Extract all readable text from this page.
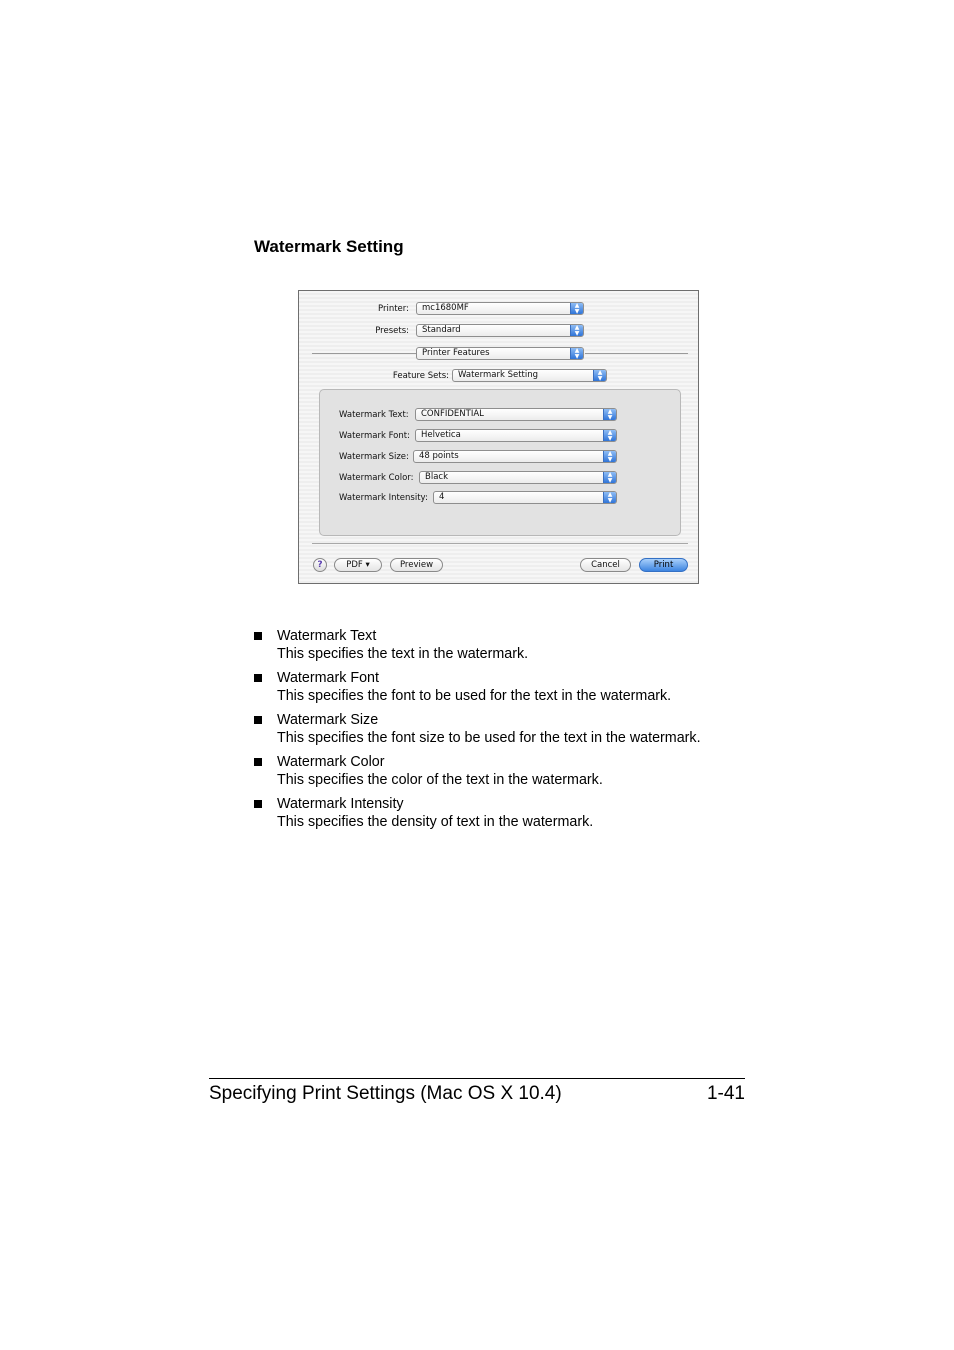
Watermark Setting
Printer:	mc1680MF	▲
▼
Presets:	Standard	▲
▼
Printer Features	▲
▼
Feature Sets:	Watermark Setting	▲
▼
Watermark Text:	CONFIDENTIAL	▲
▼
Watermark Font:	Helvetica	▲
▼
Watermark Size:	48 points	▲
▼
Watermark Color:	Black	▲
▼
Watermark Intensity:	4	▲
▼
?	PDF ▾	Preview	Cancel	Print
Watermark Text
This specifies the text in the watermark.
Watermark Font
This specifies the font to be used for the text in the watermark.
Watermark Size
This specifies the font size to be used for the text in the watermark.
Watermark Color
This specifies the color of the text in the watermark.
Watermark Intensity
This specifies the density of text in the watermark.
Specifying Print Settings (Mac OS X 10.4)	1-41
